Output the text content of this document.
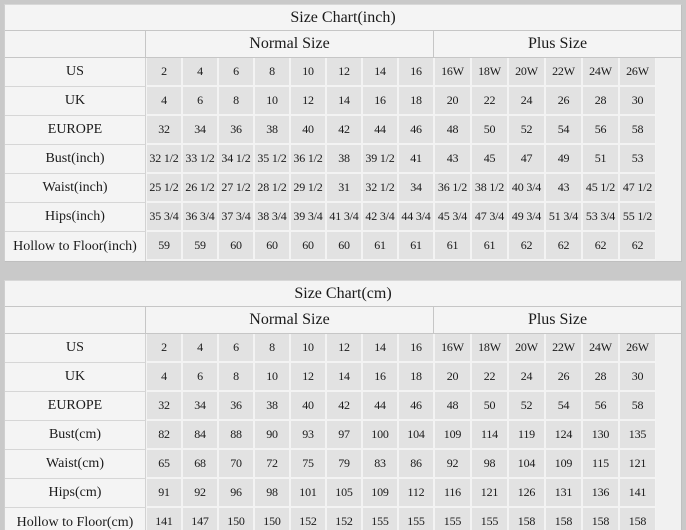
Size Chart(inch)															
	Normal Size								Plus Size						
US	2	4	6	8	10	12	14	16	16W	18W	20W	22W	24W	26W	
UK	4	6	8	10	12	14	16	18	20	22	24	26	28	30	
EUROPE	32	34	36	38	40	42	44	46	48	50	52	54	56	58	
Bust(inch)	32 1/2	33 1/2	34 1/2	35 1/2	36 1/2	38	39 1/2	41	43	45	47	49	51	53	
Waist(inch)	25 1/2	26 1/2	27 1/2	28 1/2	29 1/2	31	32 1/2	34	36 1/2	38 1/2	40 3/4	43	45 1/2	47 1/2	
Hips(inch)	35 3/4	36 3/4	37 3/4	38 3/4	39 3/4	41 3/4	42 3/4	44 3/4	45 3/4	47 3/4	49 3/4	51 3/4	53 3/4	55 1/2	
Hollow to Floor(inch)	59	59	60	60	60	60	61	61	61	61	62	62	62	62	
Size Chart(cm)															
	Normal Size								Plus Size						
US	2	4	6	8	10	12	14	16	16W	18W	20W	22W	24W	26W	
UK	4	6	8	10	12	14	16	18	20	22	24	26	28	30	
EUROPE	32	34	36	38	40	42	44	46	48	50	52	54	56	58	
Bust(cm)	82	84	88	90	93	97	100	104	109	114	119	124	130	135	
Waist(cm)	65	68	70	72	75	79	83	86	92	98	104	109	115	121	
Hips(cm)	91	92	96	98	101	105	109	112	116	121	126	131	136	141	
Hollow to Floor(cm)	141	147	150	150	152	152	155	155	155	155	158	158	158	158	
